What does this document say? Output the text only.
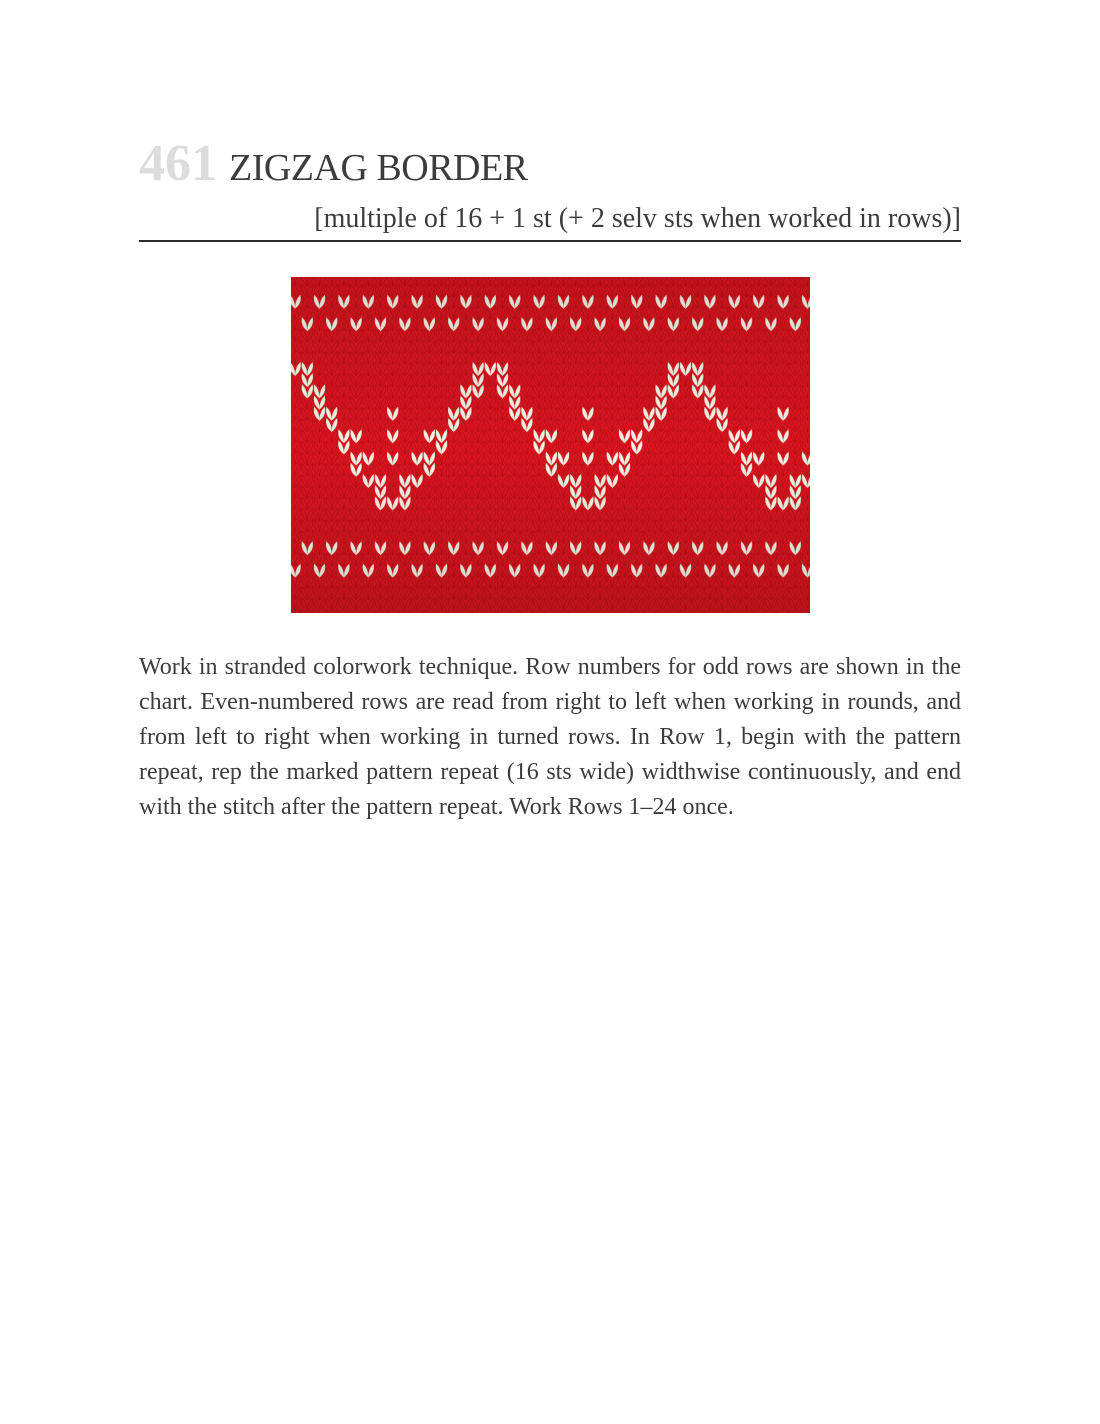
461 ZIGZAG BORDER
[multiple of 16 + 1 st (+ 2 selv sts when worked in rows)]
Work in stranded colorwork technique. Row numbers for odd rows are shown in the chart. Even-numbered rows are read from right to left when working in rounds, and from left to right when working in turned rows. In Row 1, begin with the pattern repeat, rep the marked pattern repeat (16 sts wide) widthwise continuously, and end with the stitch after the pattern repeat. Work Rows 1–24 once.
